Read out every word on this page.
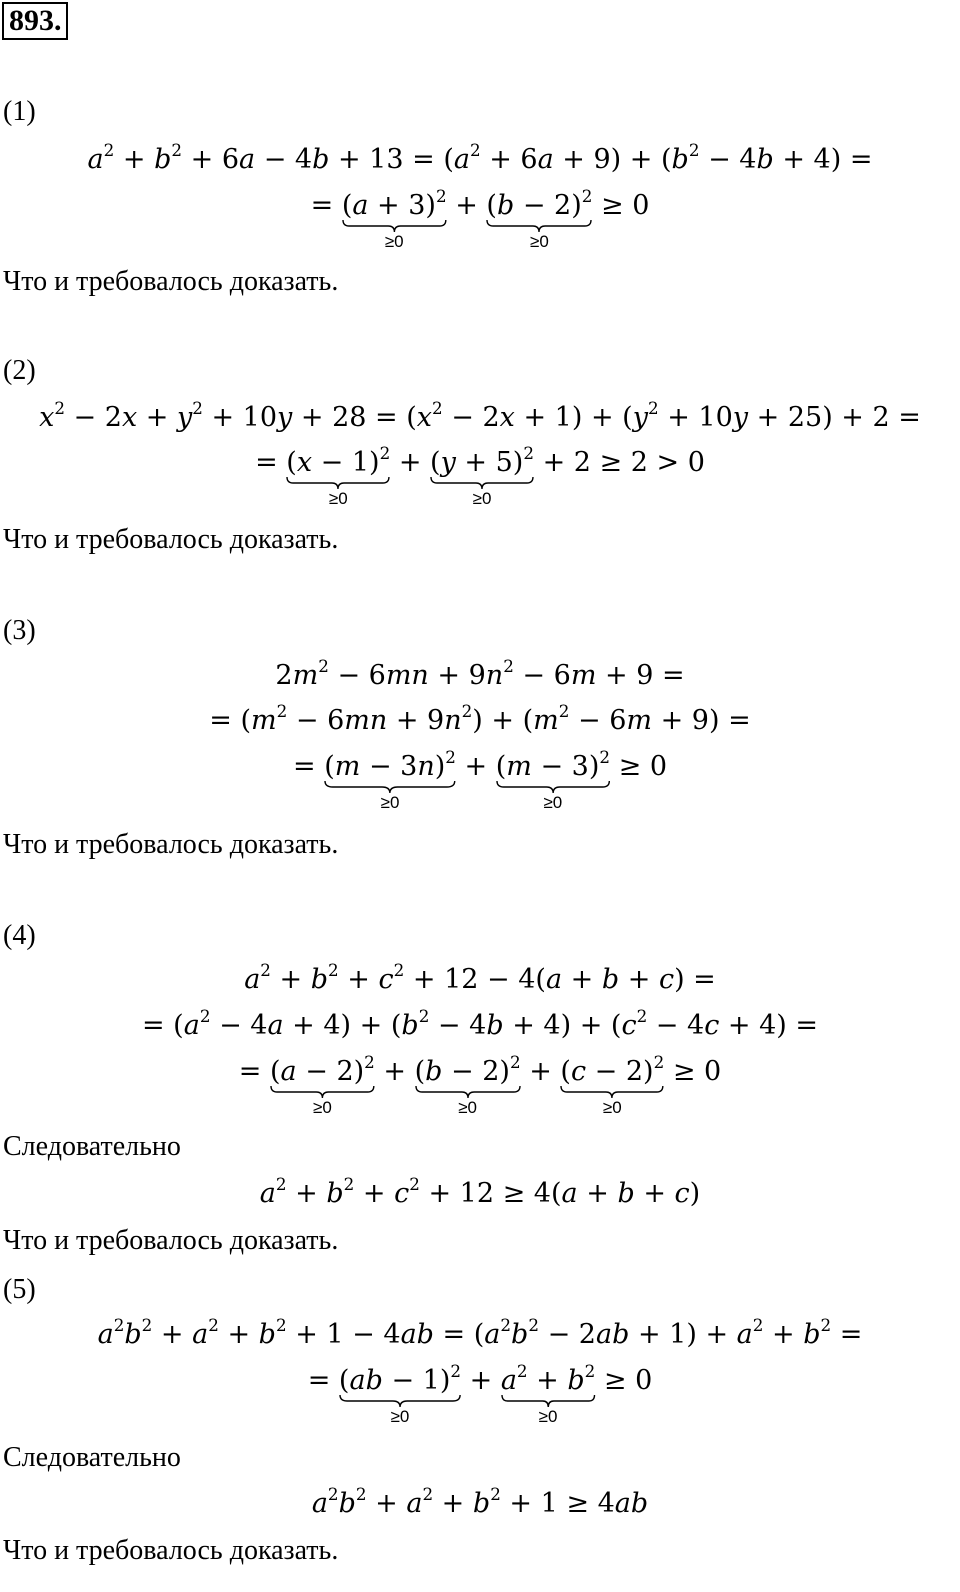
893.
(1)
$a^2 + b^2 + 6a - 4b + 13 = (a^2 + 6a + 9) + (b^2 - 4b + 4)$ =
= $(a + 3)^2$
≥0
+ $(b - 2)^2$
≥0
≥ 0
Что и требовалось доказать.
(2)
$x^2 - 2x + y^2 + 10y + 28 = (x^2 - 2x + 1) + (y^2 + 10y + 25) + 2$ =
= $(x - 1)^2$
≥0
+ $(y + 5)^2$
≥0
+ 2 ≥ 2 > 0
Что и требовалось доказать.
(3)
$2m^2 - 6mn + 9n^2 - 6m + 9$ =
= $(m^2 - 6mn + 9n^2) + (m^2 - 6m + 9)$ =
= $(m - 3n)^2$
≥0
+ $(m - 3)^2$
≥0
≥ 0
Что и требовалось доказать.
(4)
$a^2 + b^2 + c^2 + 12 - 4(a + b + c)$ =
= $(a^2 - 4a + 4) + (b^2 - 4b + 4) + (c^2 - 4c + 4)$ =
= $(a - 2)^2$
≥0
+ $(b - 2)^2$
≥0
+ $(c - 2)^2$
≥0
≥ 0
Следовательно
$a^2 + b^2 + c^2 + 12 \ge 4(a + b + c)$
Что и требовалось доказать.
(5)
$a^2b^2 + a^2 + b^2 + 1 - 4ab = (a^2b^2 - 2ab + 1) + a^2 + b^2$ =
= (ab − 1)$^2$
≥0
+ $a^2 + b^2$
≥0
≥ 0
Следовательно
$a^2b^2 + a^2 + b^2 + 1 \ge 4ab$
Что и требовалось доказать.
